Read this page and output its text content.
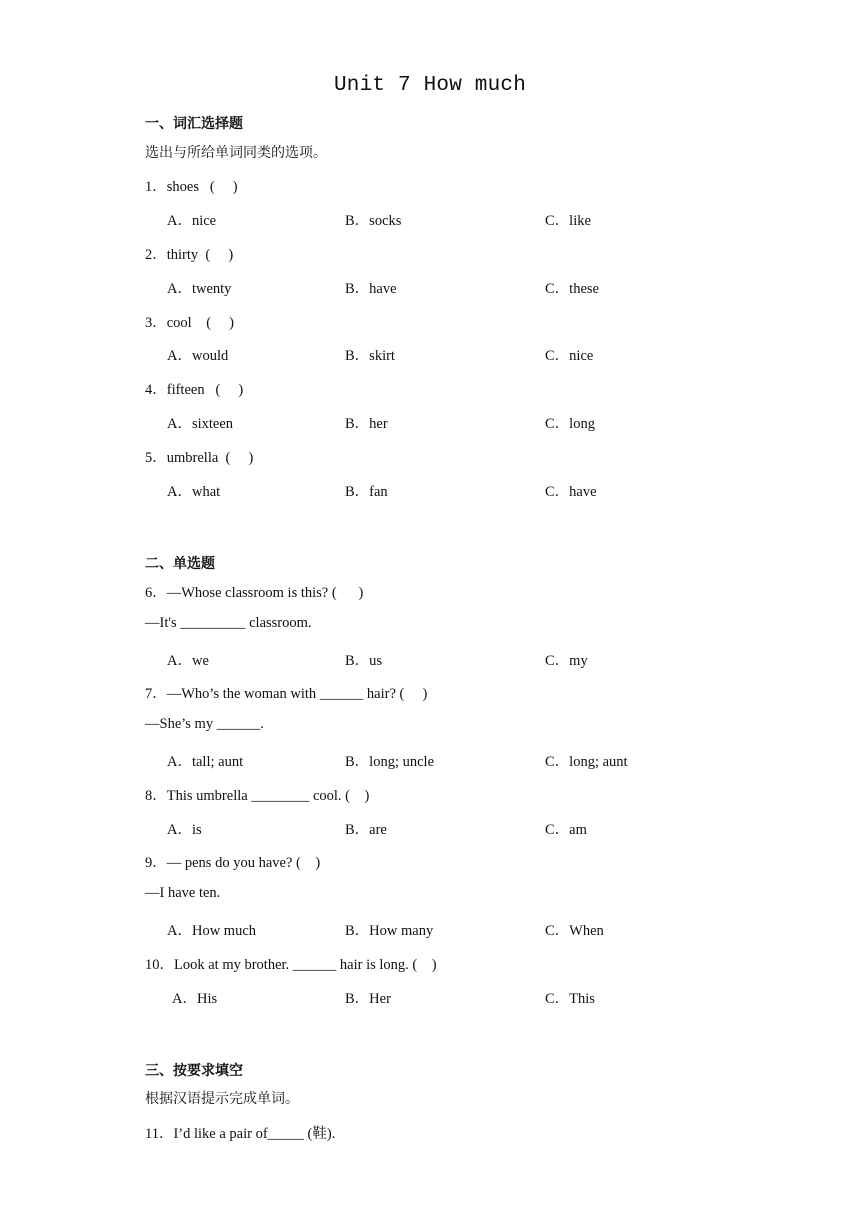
Unit 7 How much
一、词汇选择题
选出与所给单词同类的选项。
1．shoes   (     )
A．nice	B．socks	C．like
2．thirty  (     )
A．twenty	B．have	C．these
3．cool    (     )
A．would	B．skirt	C．nice
4．fifteen   (     )
A．sixteen	B．her	C．long
5．umbrella  (     )
A．what	B．fan	C．have
二、单选题
6．—Whose classroom is this? (      )
—It's _________ classroom.
A．we	B．us	C．my
7．—Who’s the woman with ______ hair? (     )
—She’s my ______.
A．tall; aunt	B．long; uncle	C．long; aunt
8．This umbrella ________ cool. (    )
A．is	B．are	C．am
9．— pens do you have? (    )
—I have ten.
A．How much	B．How many	C．When
10．Look at my brother. ______ hair is long. (    )
A．His	B．Her	C．This
三、按要求填空
根据汉语提示完成单词。
11．I’d like a pair of_____ (鞋).
